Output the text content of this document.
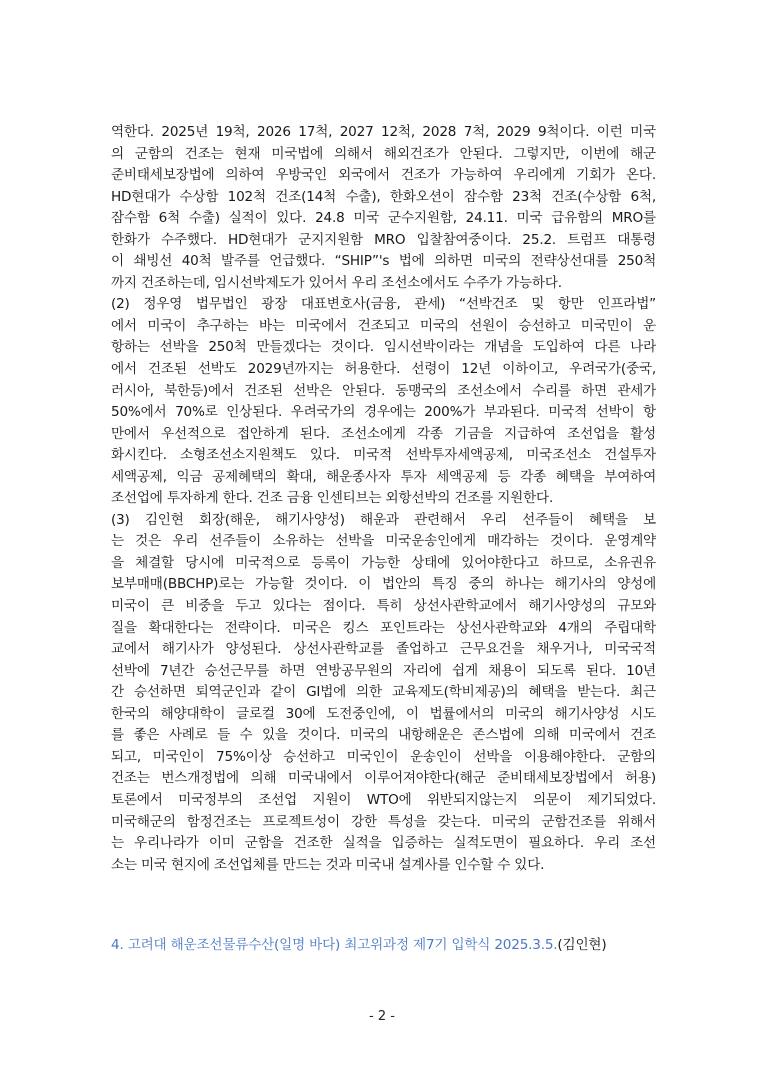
역한다. 2025년 19척, 2026 17척, 2027 12척, 2028 7척, 2029 9척이다. 이런 미국
의 군함의 건조는 현재 미국법에 의해서 해외건조가 안된다. 그렇지만, 이번에 해군
준비태세보장법에 의하여 우방국인 외국에서 건조가 가능하여 우리에게 기회가 온다.
HD현대가 수상함 102척 건조(14척 수출), 한화오션이 잠수함 23척 건조(수상함 6척,
잠수함 6척 수출) 실적이 있다. 24.8 미국 군수지원함, 24.11. 미국 급유함의 MRO를
한화가 수주했다. HD현대가 군지지원함 MRO 입찰참여중이다. 25.2. 트럼프 대통령
이 쇄빙선 40척 발주를 언급했다. “SHIP”'s 법에 의하면 미국의 전략상선대를 250척
까지 건조하는데, 임시선박제도가 있어서 우리 조선소에서도 수주가 가능하다.
(2) 정우영 법무법인 광장 대표변호사(금융, 관세) “선박건조 및 항만 인프라법”
에서 미국이 추구하는 바는 미국에서 건조되고 미국의 선원이 승선하고 미국민이 운
항하는 선박을 250척 만들겠다는 것이다. 임시선박이라는 개념을 도입하여 다른 나라
에서 건조된 선박도 2029년까지는 허용한다. 선령이 12년 이하이고, 우려국가(중국,
러시아, 북한등)에서 건조된 선박은 안된다. 동맹국의 조선소에서 수리를 하면 관세가
50%에서 70%로 인상된다. 우려국가의 경우에는 200%가 부과된다. 미국적 선박이 항
만에서 우선적으로 접안하게 된다. 조선소에게 각종 기금을 지급하여 조선업을 활성
화시킨다. 소형조선소지원책도 있다. 미국적 선박투자세액공제, 미국조선소 건설투자
세액공제, 익금 공제혜택의 확대, 해운종사자 투자 세액공제 등 각종 혜택을 부여하여
조선업에 투자하게 한다. 건조 금융 인센티브는 외항선박의 건조를 지원한다.
(3) 김인현 회장(해운, 해기사양성) 해운과 관련해서 우리 선주들이 혜택을 보
는 것은 우리 선주들이 소유하는 선박을 미국운송인에게 매각하는 것이다. 운영계약
을 체결할 당시에 미국적으로 등록이 가능한 상태에 있어야한다고 하므로, 소유권유
보부매매(BBCHP)로는 가능할 것이다. 이 법안의 특징 중의 하나는 해기사의 양성에
미국이 큰 비중을 두고 있다는 점이다. 특히 상선사관학교에서 해기사양성의 규모와
질을 확대한다는 전략이다. 미국은 킹스 포인트라는 상선사관학교와 4개의 주립대학
교에서 해기사가 양성된다. 상선사관학교를 졸업하고 근무요건을 채우거나, 미국국적
선박에 7년간 승선근무를 하면 연방공무원의 자리에 쉽게 채용이 되도록 된다. 10년
간 승선하면 퇴역군인과 같이 GI법에 의한 교육제도(학비제공)의 혜택을 받는다. 최근
한국의 해양대학이 글로컬 30에 도전중인에, 이 법률에서의 미국의 해기사양성 시도
를 좋은 사례로 들 수 있을 것이다. 미국의 내항해운은 존스법에 의해 미국에서 건조
되고, 미국인이 75%이상 승선하고 미국인이 운송인이 선박을 이용해야한다. 군함의
건조는 번스개정법에 의해 미국내에서 이루어져야한다(해군 준비태세보장법에서 허용)
토론에서 미국정부의 조선업 지원이 WTO에 위반되지않는지 의문이 제기되었다.
미국해군의 함정건조는 프로젝트성이 강한 특성을 갖는다. 미국의 군함건조를 위해서
는 우리나라가 이미 군함을 건조한 실적을 입증하는 실적도면이 필요하다. 우리 조선
소는 미국 현지에 조선업체를 만드는 것과 미국내 설계사를 인수할 수 있다.
4. 고려대 해운조선물류수산(일명 바다) 최고위과정 제7기 입학식 2025.3.5.(김인현)
- 2 -
